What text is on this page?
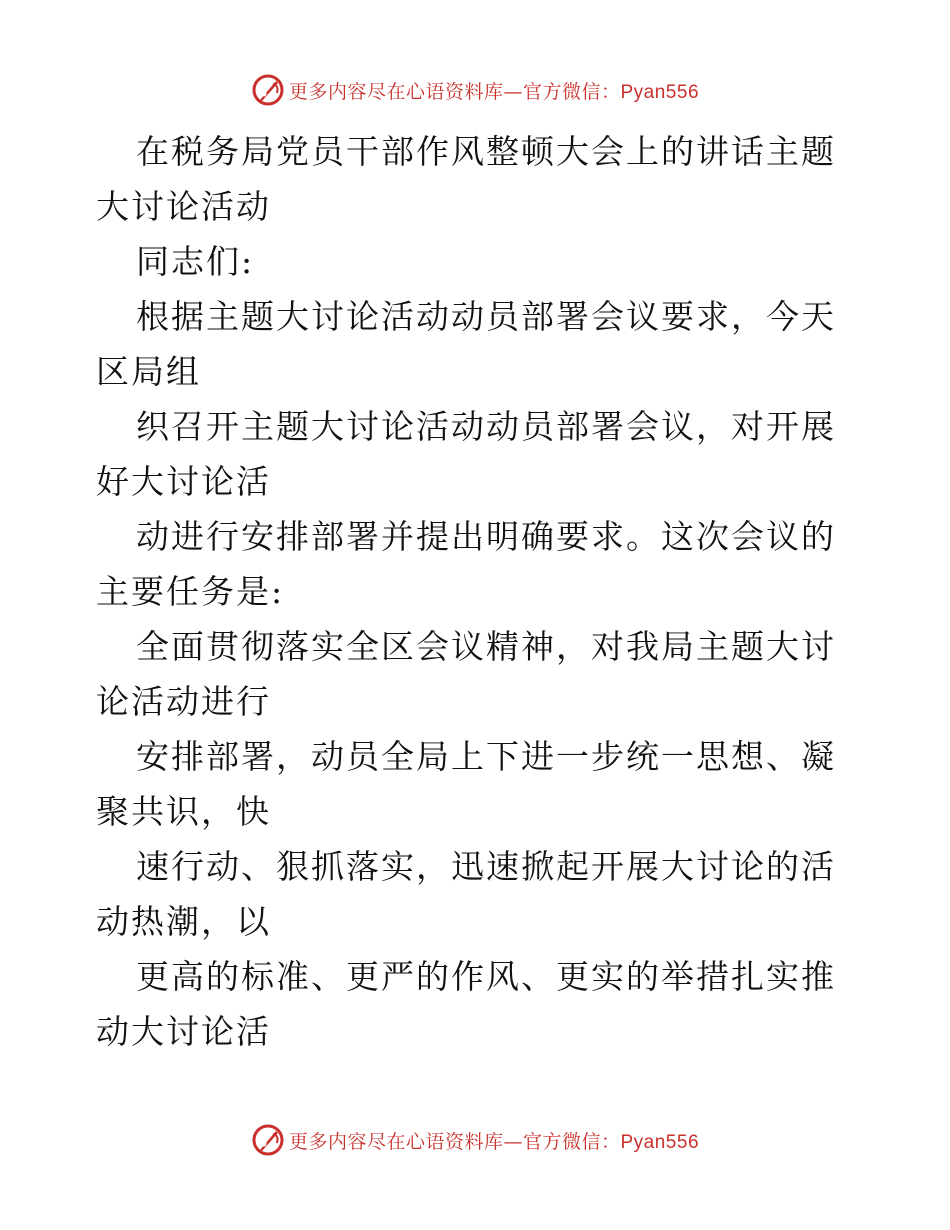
更多内容尽在心语资料库—官方微信：Pyan556

在税务局党员干部作风整顿大会上的讲话主题大讨论活动

同志们:

根据主题大讨论活动动员部署会议要求，今天区局组

织召开主题大讨论活动动员部署会议，对开展好大讨论活

动进行安排部署并提出明确要求。这次会议的主要任务是:

全面贯彻落实全区会议精神，对我局主题大讨论活动进行

安排部署，动员全局上下进一步统一思想、凝聚共识，快

速行动、狠抓落实，迅速掀起开展大讨论的活动热潮，以

更高的标准、更严的作风、更实的举措扎实推动大讨论活

更多内容尽在心语资料库—官方微信：Pyan556
